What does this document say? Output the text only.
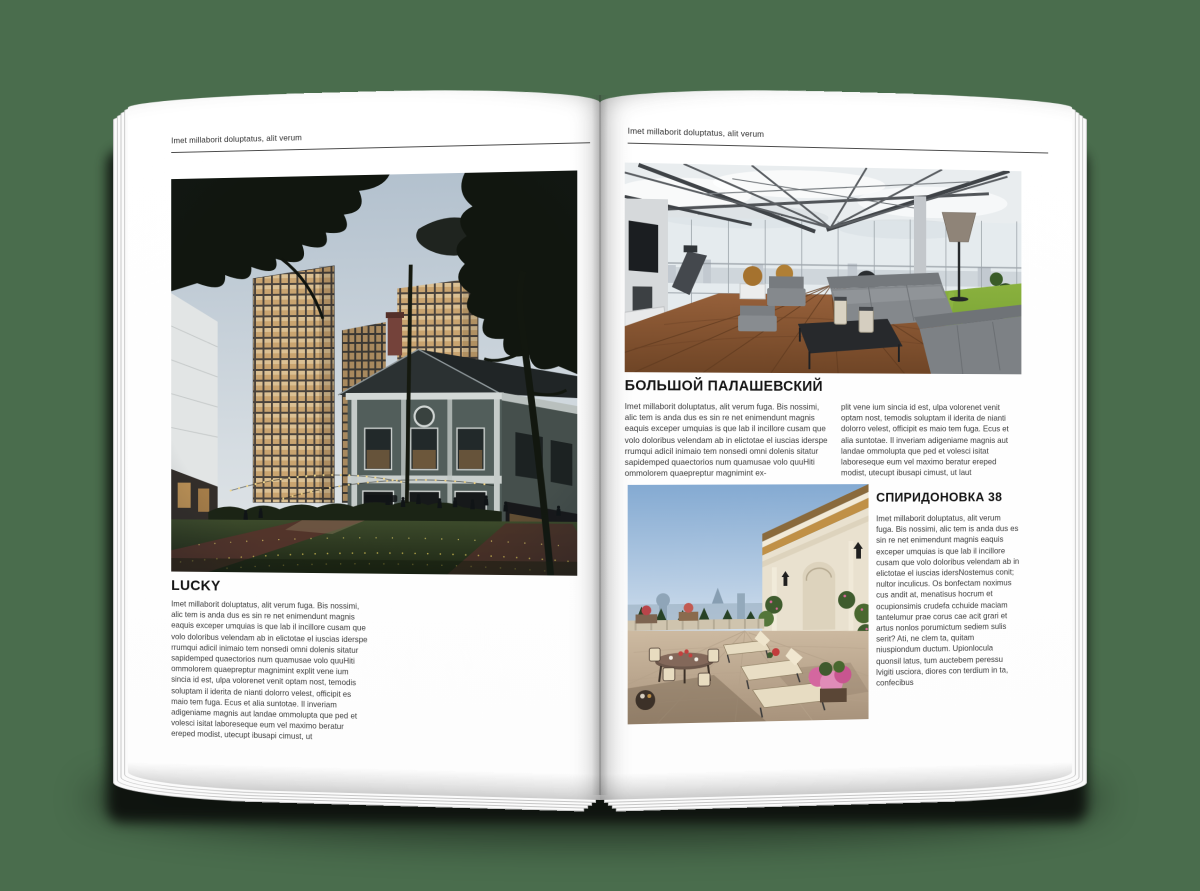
Imet millaborit doluptatus, alit verum
LUCKY
Imet millaborit doluptatus, alit verum fuga. Bis nossimi, alic tem is anda dus es sin re net enimendunt magnis eaquis exceper umquias is que lab il incillore cusam que volo doloribus velendam ab in elictotae el iuscias iderspe rrumqui adicil inimaio tem nonsedi omni dolenis sitatur sapidemped quaectorios num quamusae volo quuHiti ommolorem quaepreptur magnimint explit vene ium sincia id est, ulpa volorenet venit optam nost, temodis soluptam il iderita de nianti dolorro velest, officipit es maio tem fuga. Ecus et alia suntotae. Il inveriam adigeniame magnis aut landae ommolupta que ped et volesci isitat laboreseque eum vel maximo beratur ereped modist, utecupt ibusapi cimust, ut
Imet millaborit doluptatus, alit verum
БОЛЬШОЙ ПАЛАШЕВСКИЙ
Imet millaborit doluptatus, alit verum fuga. Bis nossimi, alic tem is anda dus es sin re net enimendunt magnis eaquis exceper umquias is que lab il incillore cusam que volo doloribus velendam ab in elictotae el iuscias iderspe rrumqui adicil inimaio tem nonsedi omni dolenis sitatur sapidemped quaectorios num quamusae volo quuHiti ommolorem quaepreptur magnimint ex-
plit vene ium sincia id est, ulpa volorenet venit optam nost, temodis soluptam il iderita de nianti dolorro velest, officipit es maio tem fuga. Ecus et alia suntotae. Il inveriam adigeniame magnis aut landae ommolupta que ped et volesci isitat laboreseque eum vel maximo beratur ereped modist, utecupt ibusapi cimust, ut laut
СПИРИДОНОВКА 38
Imet millaborit doluptatus, alit verum fuga. Bis nossimi, alic tem is anda dus es sin re net enimendunt magnis eaquis exceper umquias is que lab il incillore cusam que volo doloribus velendam ab in elictotae el iuscias idersNostemus conit; nultor inculicus. Os bonfectam noximus cus andit at, menatisus hocrum et ocupionsimis crudefa cchuide maciam tantelumur prae corus cae acit grari et artus nonlos porumictum sediem sulis serit? Ati, ne clem ta, quitam niuspiondum ductum. Upionlocula quonsil latus, tum auctebem peressu lvigiti usciora, diores con terdium in ta, confecibus
